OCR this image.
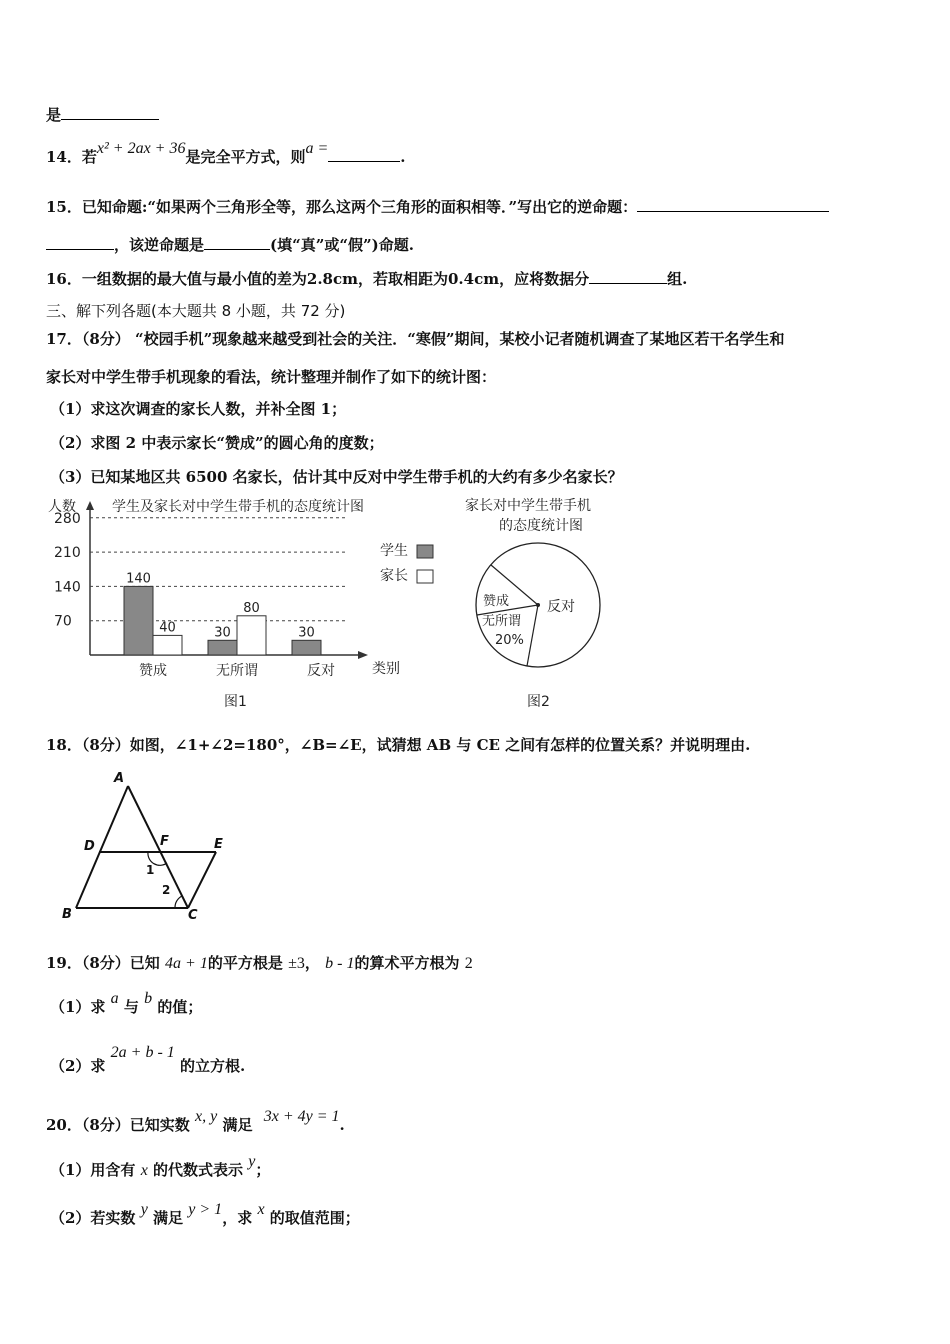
是
14．若x² + 2ax + 36是完全平方式，则a =	.
15．已知命题:“如果两个三角形全等，那么这两个三角形的面积相等．”写出它的逆命题：
，该逆命题是	(填“真”或“假”)命题.
16．一组数据的最大值与最小值的差为2.8cm，若取相距为0.4cm，应将数据分	组.
三、解下列各题(本大题共 8 小题，共 72 分)
17．（8分） “校园手机”现象越来越受到社会的关注．“寒假”期间，某校小记者随机调查了某地区若干名学生和
家长对中学生带手机现象的看法，统计整理并制作了如下的统计图：
（1）求这次调查的家长人数，并补全图 1；
（2）求图 2 中表示家长“赞成”的圆心角的度数；
（3）已知某地区共 6500 名家长，估计其中反对中学生带手机的大约有多少名家长？
人数	学生及家长对中学生带手机的态度统计图
类别
70
140
210
280
140
40	30
80
30
赞成	无所谓	反对
学生
家长
图1
家长对中学生带手机
的态度统计图
赞成
无所谓
20%
反对
图2
18．（8分）如图，∠1+∠2=180°，∠B=∠E，试猜想 AB 与 CE 之间有怎样的位置关系？并说明理由.
A
D	F	E
B	C
1
2
19．（8分）已知 4a + 1的平方根是 ±3， b - 1的算术平方根为 2
（1）求 a 与 b 的值；
（2）求 2a + b - 1 的立方根.
20．（8分）已知实数 x, y 满足 3x + 4y = 1.
（1）用含有 x 的代数式表示 y；
（2）若实数 y 满足 y > 1，求 x 的取值范围；
